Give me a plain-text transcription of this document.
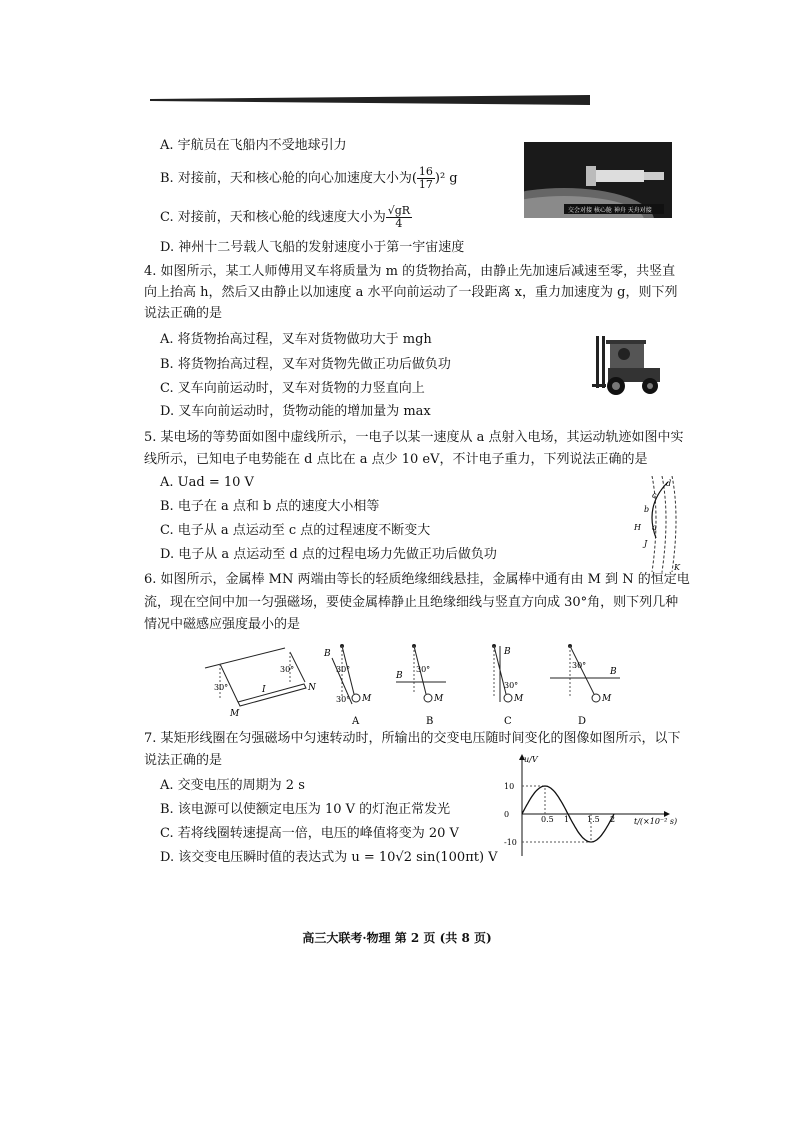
A. 宇航员在飞船内不受地球引力
B. 对接前，天和核心舱的向心加速度大小为( $\frac{16}{17} )^2$ g
C. 对接前，天和核心舱的线速度大小为 $\frac{√gR}{4}$
D. 神州十二号载人飞船的发射速度小于第一宇宙速度
交会对接 核心舱 神舟 天舟对接
4. 如图所示，某工人师傅用叉车将质量为 m 的货物抬高，由静止先加速后减速至零，共竖直
向上抬高 h，然后又由静止以加速度 a 水平向前运动了一段距离 x，重力加速度为 g，则下列
说法正确的是
A. 将货物抬高过程，叉车对货物做功大于 mgh
B. 将货物抬高过程，叉车对货物先做正功后做负功
C. 叉车向前运动时，叉车对货物的力竖直向上
D. 叉车向前运动时，货物动能的增加量为 max
5. 某电场的等势面如图中虚线所示，一电子以某一速度从 a 点射入电场，其运动轨迹如图中实
线所示，已知电子电势能在 d 点比在 a 点少 10 eV，不计电子重力，下列说法正确的是
A. Uad = 10 V
B. 电子在 a 点和 b 点的速度大小相等
C. 电子从 a 点运动至 c 点的过程速度不断变大
D. 电子从 a 点运动至 d 点的过程电场力先做正功后做负功
d
c
b
a
H
J
K
6. 如图所示，金属棒 MN 两端由等长的轻质绝缘细线悬挂，金属棒中通有由 M 到 N 的恒定电
流，现在空间中加一匀强磁场，要使金属棒静止且绝缘细线与竖直方向成 30°角，则下列几种
情况中磁感应强度最小的是
30°
30°
M
N
I
B
30°
30° M
A
B
30°
M
B
B
30°
M
C
B
30°
M
D
7. 某矩形线圈在匀强磁场中匀速转动时，所输出的交变电压随时间变化的图像如图所示，以下
说法正确的是
A. 交变电压的周期为 2 s
B. 该电源可以使额定电压为 10 V 的灯泡正常发光
C. 若将线圈转速提高一倍，电压的峰值将变为 20 V
D. 该交变电压瞬时值的表达式为 u = 10√2 sin(100πt) V
u/V
t/(×10⁻² s)
10
0
-10
0.5 1 1.5 2
高三大联考·物理 第 2 页 (共 8 页)
